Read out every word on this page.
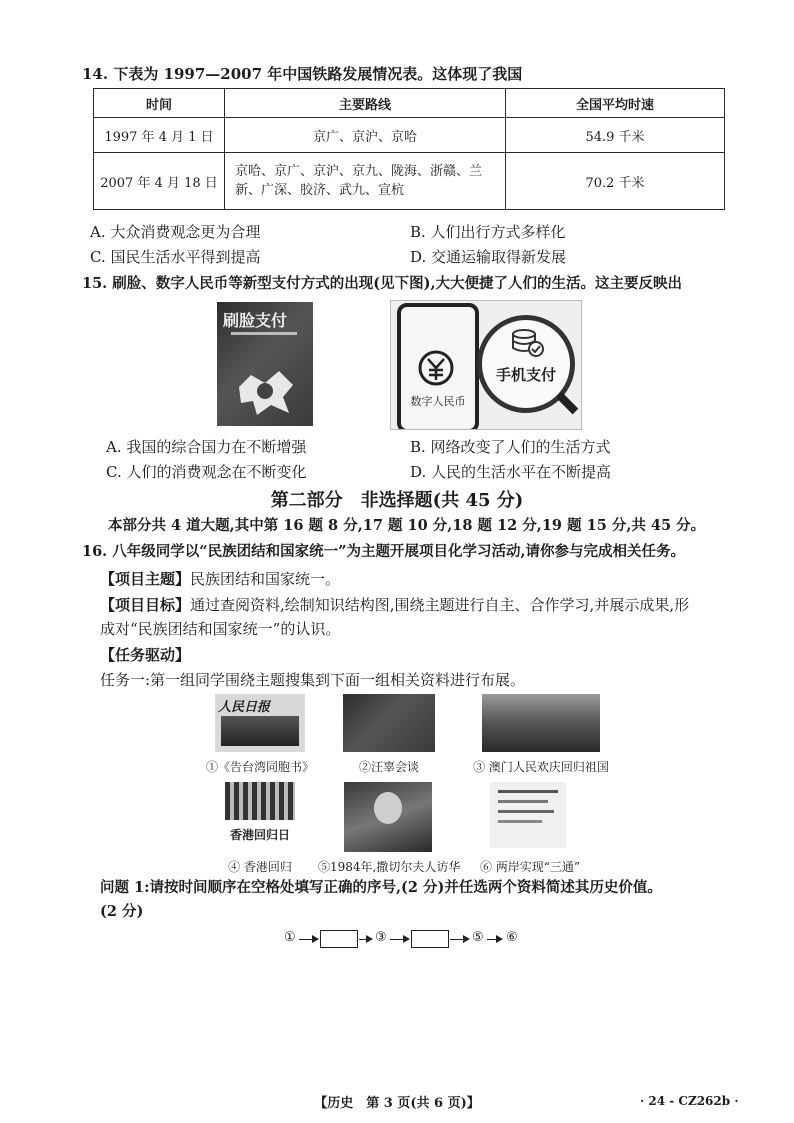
14. 下表为 1997—2007 年中国铁路发展情况表。这体现了我国
时间	主要路线	全国平均时速
1997 年 4 月 1 日	京广、京沪、京哈	54.9 千米
2007 年 4 月 18 日	京哈、京广、京沪、京九、陇海、浙赣、兰新、广深、胶济、武九、宣杭	70.2 千米
A. 大众消费观念更为合理	B. 人们出行方式多样化
C. 国民生活水平得到提高	D. 交通运输取得新发展
15. 刷脸、数字人民币等新型支付方式的出现(见下图),大大便捷了人们的生活。这主要反映出
刷脸支付
数字人民币
手机支付
A. 我国的综合国力在不断增强	B. 网络改变了人们的生活方式
C. 人们的消费观念在不断变化	D. 人民的生活水平在不断提高
第二部分　非选择题(共 45 分)
本部分共 4 道大题,其中第 16 题 8 分,17 题 10 分,18 题 12 分,19 题 15 分,共 45 分。
16. 八年级同学以“民族团结和国家统一”为主题开展项目化学习活动,请你参与完成相关任务。
【项目主题】民族团结和国家统一。
【项目目标】通过查阅资料,绘制知识结构图,围绕主题进行自主、合作学习,并展示成果,形
成对“民族团结和国家统一”的认识。
【任务驱动】
任务一:第一组同学围绕主题搜集到下面一组相关资料进行布展。
人民日报
①《告台湾同胞书》	②汪辜会谈	③ 澳门人民欢庆回归祖国
香港回归日
④ 香港回归	⑤1984年,撒切尔夫人访华	⑥ 两岸实现“三通”
问题 1:请按时间顺序在空格处填写正确的序号,(2 分)并任选两个资料简述其历史价值。
(2 分)
①	③	⑤ ⑥
【历史　第 3 页(共 6 页)】	· 24 - CZ262b ·
